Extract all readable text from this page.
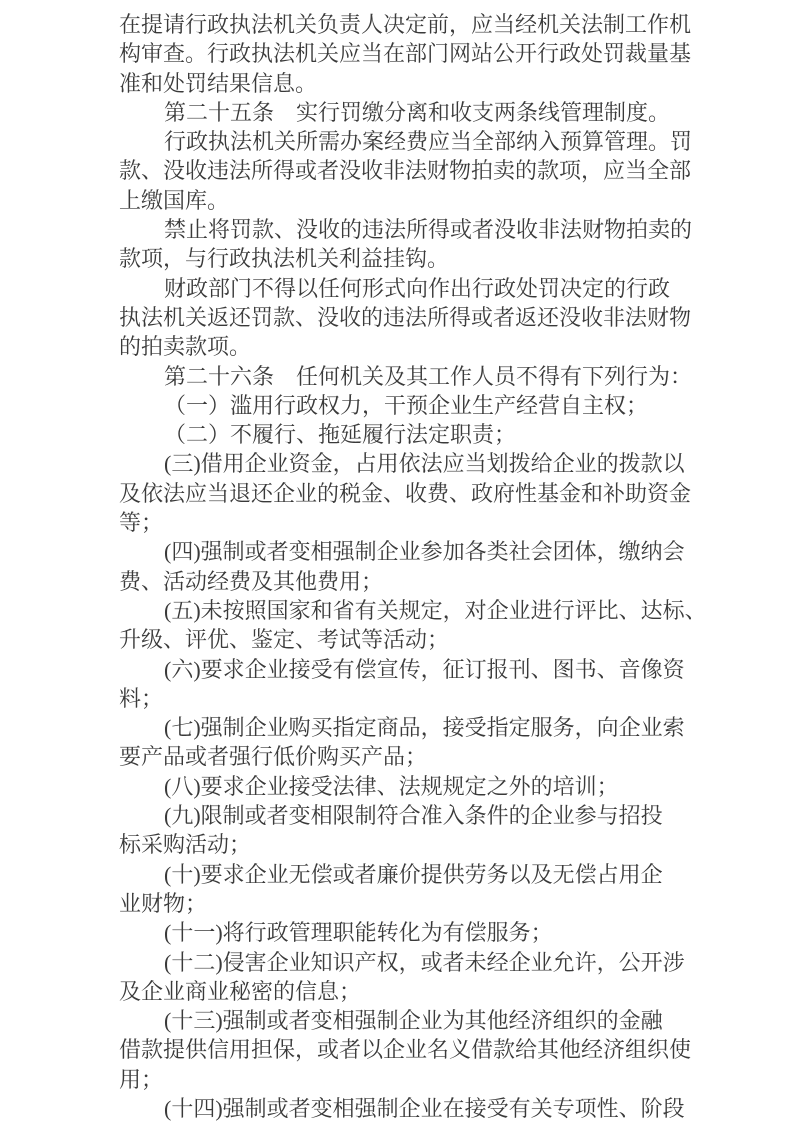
在提请行政执法机关负责人决定前，应当经机关法制工作机
构审查。行政执法机关应当在部门网站公开行政处罚裁量基
准和处罚结果信息。
第二十五条　实行罚缴分离和收支两条线管理制度。
行政执法机关所需办案经费应当全部纳入预算管理。罚
款、没收违法所得或者没收非法财物拍卖的款项，应当全部
上缴国库。
禁止将罚款、没收的违法所得或者没收非法财物拍卖的
款项，与行政执法机关利益挂钩。
财政部门不得以任何形式向作出行政处罚决定的行政
执法机关返还罚款、没收的违法所得或者返还没收非法财物
的拍卖款项。
第二十六条　任何机关及其工作人员不得有下列行为：
（一）滥用行政权力，干预企业生产经营自主权；
（二）不履行、拖延履行法定职责；
(三)借用企业资金，占用依法应当划拨给企业的拨款以
及依法应当退还企业的税金、收费、政府性基金和补助资金
等；
(四)强制或者变相强制企业参加各类社会团体，缴纳会
费、活动经费及其他费用；
(五)未按照国家和省有关规定，对企业进行评比、达标、
升级、评优、鉴定、考试等活动；
(六)要求企业接受有偿宣传，征订报刊、图书、音像资
料；
(七)强制企业购买指定商品，接受指定服务，向企业索
要产品或者强行低价购买产品；
(八)要求企业接受法律、法规规定之外的培训；
(九)限制或者变相限制符合准入条件的企业参与招投
标采购活动；
(十)要求企业无偿或者廉价提供劳务以及无偿占用企
业财物；
(十一)将行政管理职能转化为有偿服务；
(十二)侵害企业知识产权，或者未经企业允许，公开涉
及企业商业秘密的信息；
(十三)强制或者变相强制企业为其他经济组织的金融
借款提供信用担保，或者以企业名义借款给其他经济组织使
用；
(十四)强制或者变相强制企业在接受有关专项性、阶段
